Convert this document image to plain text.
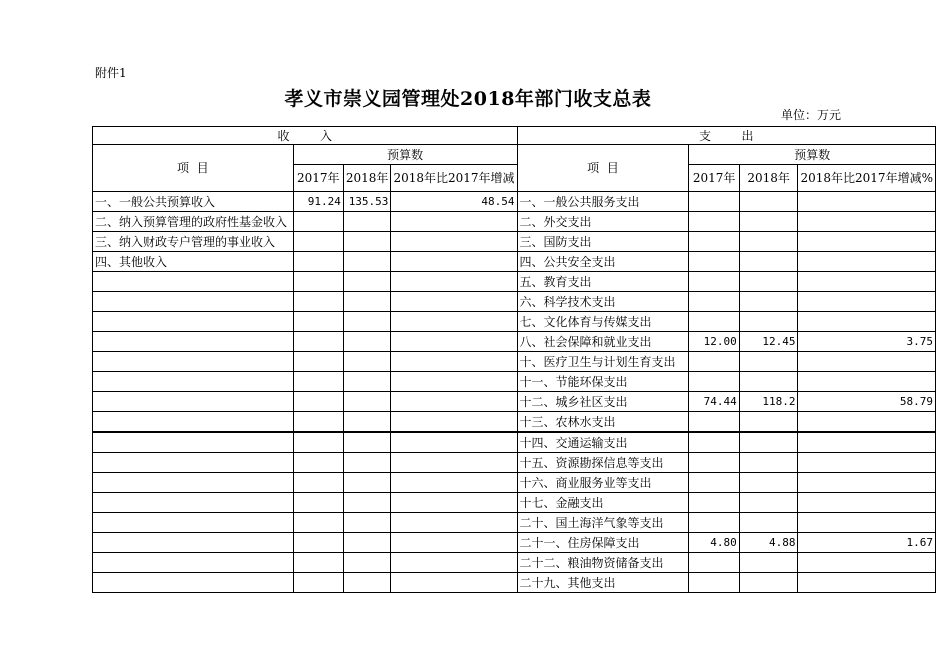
附件1
孝义市崇义园管理处2018年部门收支总表
单位：万元
收        入				支        出			
项  目	预算数			项  目	预算数		
	2017年	2018年	2018年比2017年增减		2017年	2018年	2018年比2017年增减%
一、一般公共预算收入	91.24	135.53	48.54	一、一般公共服务支出			
二、纳入预算管理的政府性基金收入				二、外交支出			
三、纳入财政专户管理的事业收入				三、国防支出			
四、其他收入				四、公共安全支出			
				五、教育支出			
				六、科学技术支出			
				七、文化体育与传媒支出			
				八、社会保障和就业支出	12.00	12.45	3.75
				十、医疗卫生与计划生育支出			
				十一、节能环保支出			
				十二、城乡社区支出	74.44	118.2	58.79
				十三、农林水支出			
				十四、交通运输支出			
				十五、资源勘探信息等支出			
				十六、商业服务业等支出			
				十七、金融支出			
				二十、国土海洋气象等支出			
				二十一、住房保障支出	4.80	4.88	1.67
				二十二、粮油物资储备支出			
				二十九、其他支出			
